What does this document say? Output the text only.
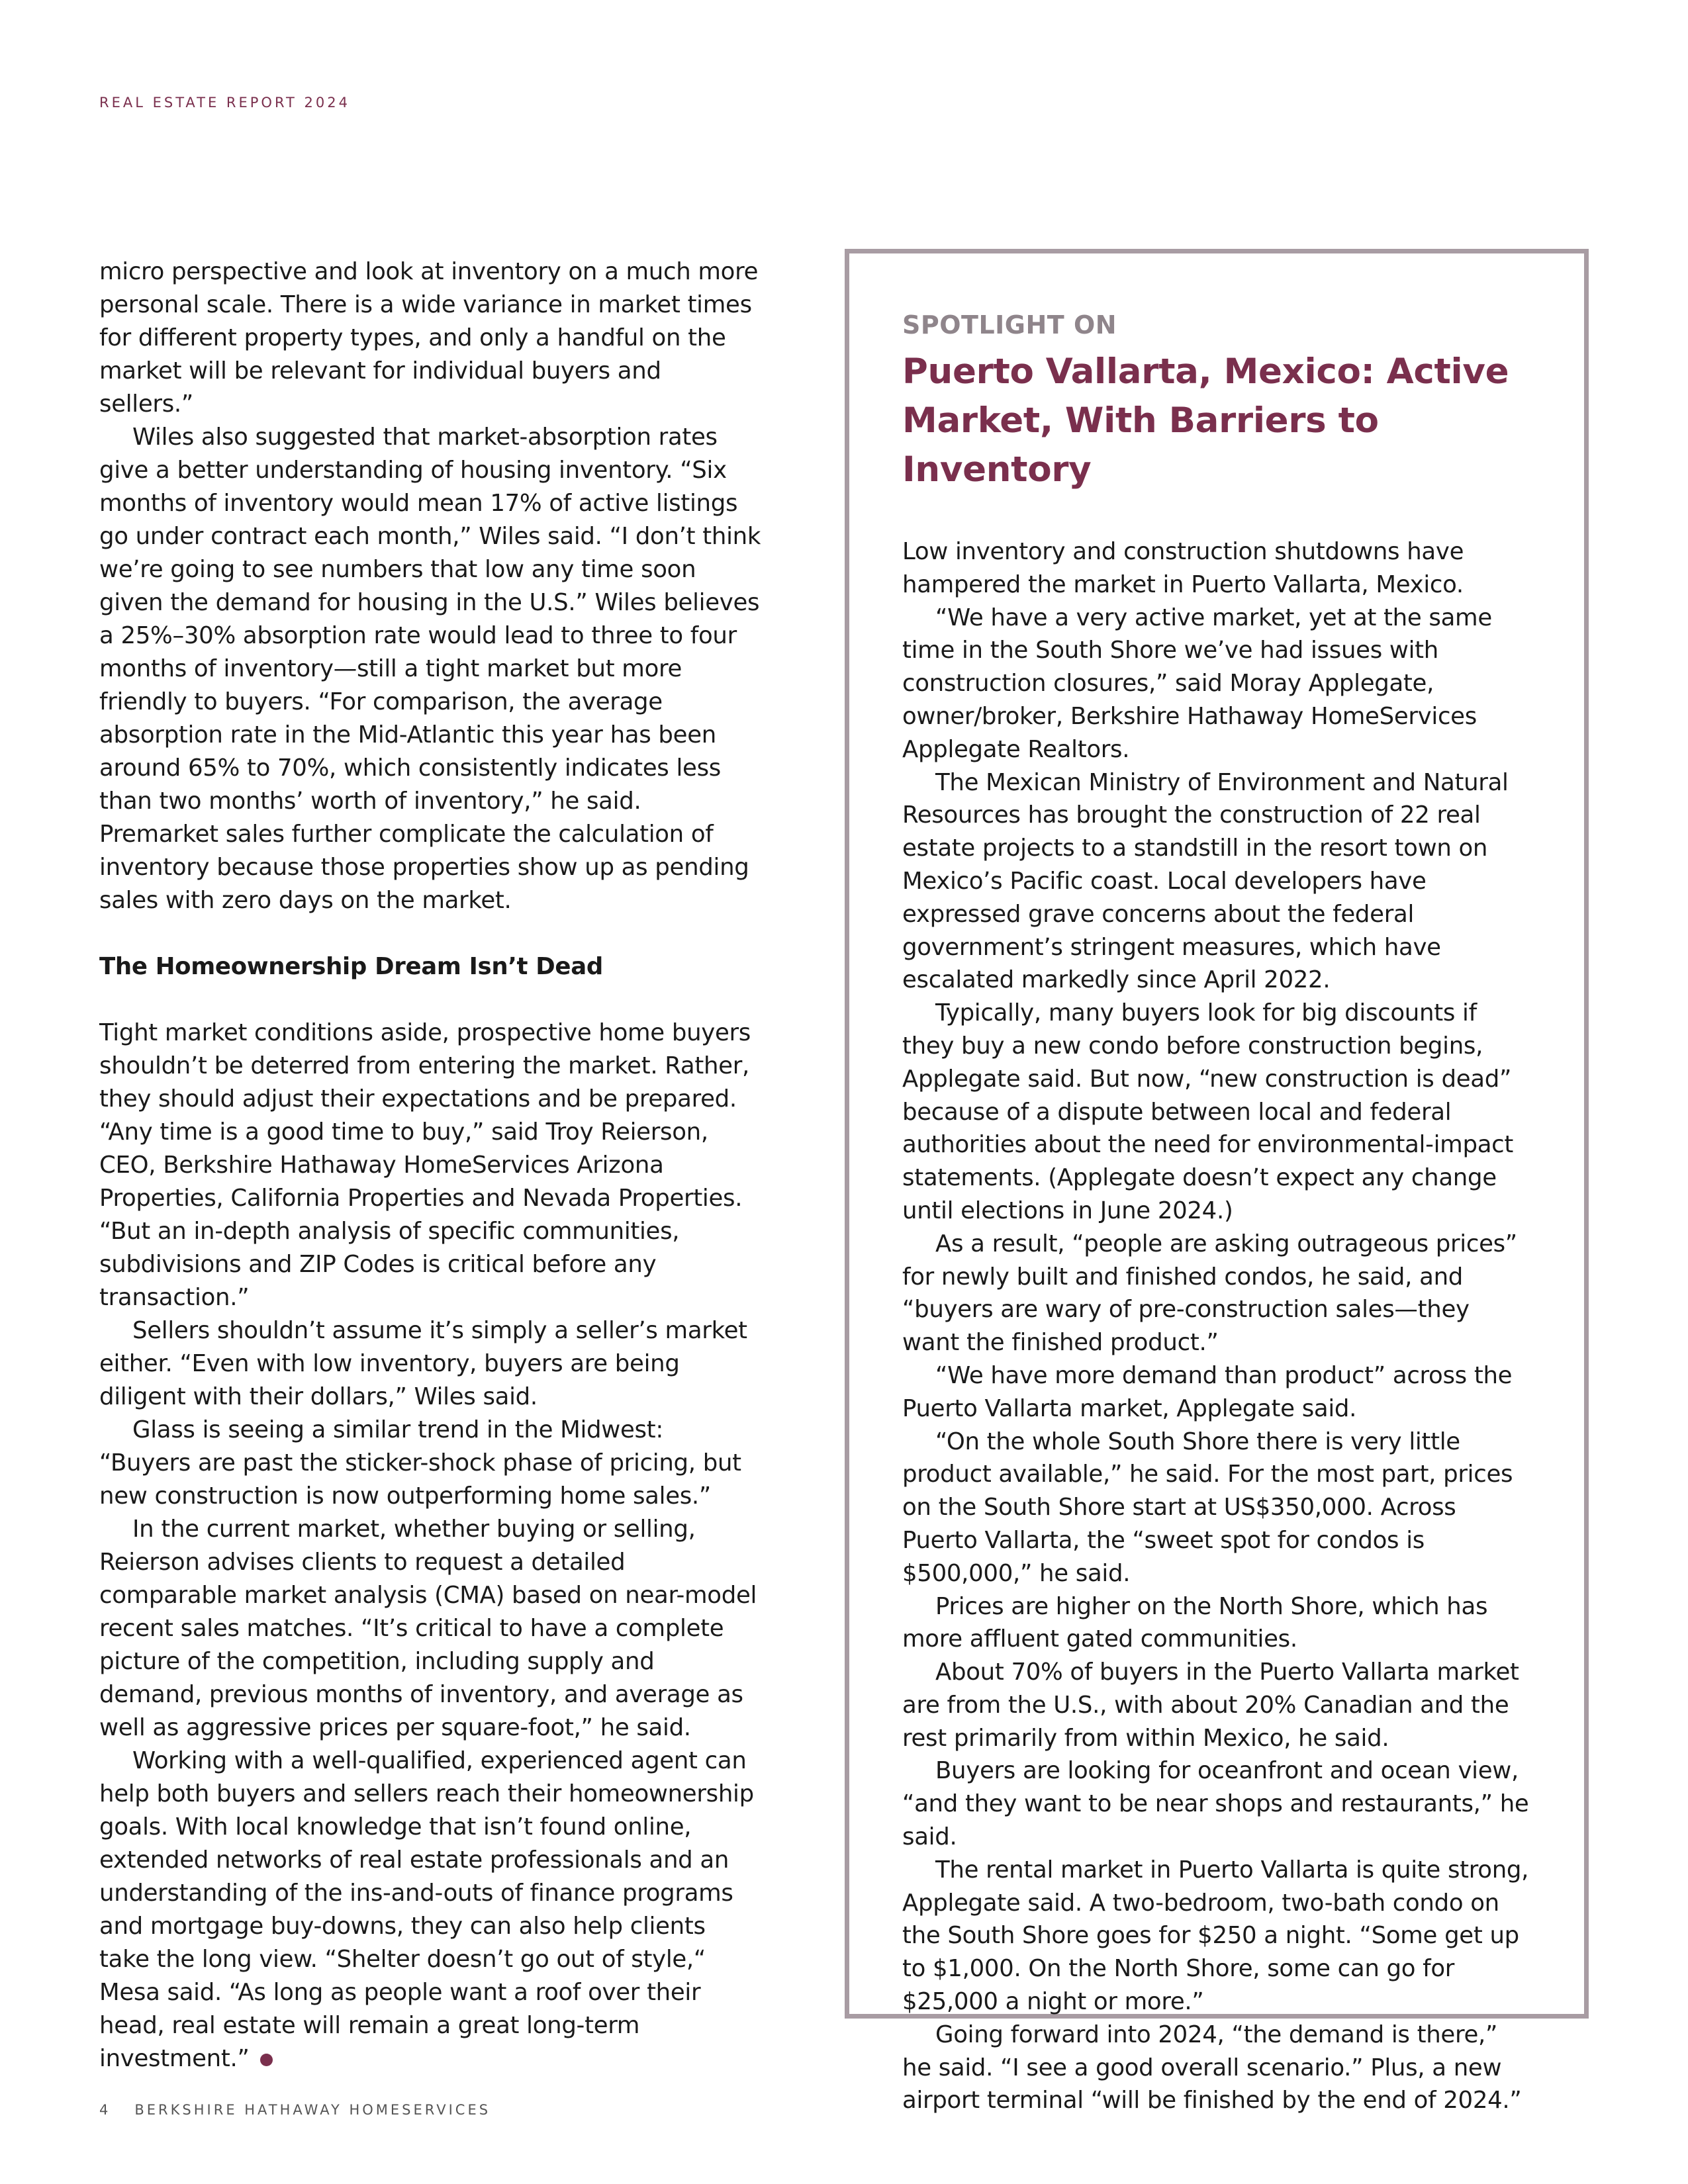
REAL ESTATE REPORT 2024

micro perspective and look at inventory on a much more personal scale. There is a wide variance in market times for different property types, and only a handful on the market will be relevant for individual buyers and sellers.”

Wiles also suggested that market-absorption rates give a better understanding of housing inventory. “Six months of inventory would mean 17% of active listings go under contract each month,” Wiles said. “I don’t think we’re going to see numbers that low any time soon given the demand for housing in the U.S.” Wiles believes a 25%–30% absorption rate would lead to three to four months of inventory—still a tight market but more friendly to buyers. “For comparison, the average absorption rate in the Mid-Atlantic this year has been around 65% to 70%, which consistently indicates less than two months’ worth of inventory,” he said. Premarket sales further complicate the calculation of inventory because those properties show up as pending sales with zero days on the market.

The Homeownership Dream Isn’t Dead

Tight market conditions aside, prospective home buyers shouldn’t be deterred from entering the market. Rather, they should adjust their expectations and be prepared. “Any time is a good time to buy,” said Troy Reierson, CEO, Berkshire Hathaway HomeServices Arizona Properties, California Properties and Nevada Properties. “But an in-depth analysis of specific communities, subdivisions and ZIP Codes is critical before any transaction.”

Sellers shouldn’t assume it’s simply a seller’s market either. “Even with low inventory, buyers are being diligent with their dollars,” Wiles said.

Glass is seeing a similar trend in the Midwest: “Buyers are past the sticker-shock phase of pricing, but new construction is now outperforming home sales.”

In the current market, whether buying or selling, Reierson advises clients to request a detailed comparable market analysis (CMA) based on near-model recent sales matches. “It’s critical to have a complete picture of the competition, including supply and demand, previous months of inventory, and average as well as aggressive prices per square-foot,” he said.

Working with a well-qualified, experienced agent can help both buyers and sellers reach their homeownership goals. With local knowledge that isn’t found online, extended networks of real estate professionals and an understanding of the ins-and-outs of finance programs and mortgage buy-downs, they can also help clients take the long view. “Shelter doesn’t go out of style,“ Mesa said. “As long as people want a roof over their head, real estate will remain a great long-term investment.”

SPOTLIGHT ON
Puerto Vallarta, Mexico: Active Market, With Barriers to Inventory

Low inventory and construction shutdowns have hampered the market in Puerto Vallarta, Mexico.

“We have a very active market, yet at the same time in the South Shore we’ve had issues with construction closures,” said Moray Applegate, owner/broker, Berkshire Hathaway HomeServices Applegate Realtors.

The Mexican Ministry of Environment and Natural Resources has brought the construction of 22 real estate projects to a standstill in the resort town on Mexico’s Pacific coast. Local developers have expressed grave concerns about the federal government’s stringent measures, which have escalated markedly since April 2022.

Typically, many buyers look for big discounts if they buy a new condo before construction begins, Applegate said. But now, “new construction is dead” because of a dispute between local and federal authorities about the need for environmental-impact statements. (Applegate doesn’t expect any change until elections in June 2024.)

As a result, “people are asking outrageous prices” for newly built and finished condos, he said, and “buyers are wary of pre-construction sales—they want the finished product.”

“We have more demand than product” across the Puerto Vallarta market, Applegate said.

“On the whole South Shore there is very little product available,” he said. For the most part, prices on the South Shore start at US$350,000. Across Puerto Vallarta, the “sweet spot for condos is $500,000,” he said.

Prices are higher on the North Shore, which has more affluent gated communities.

About 70% of buyers in the Puerto Vallarta market are from the U.S., with about 20% Canadian and the rest primarily from within Mexico, he said.

Buyers are looking for oceanfront and ocean view, “and they want to be near shops and restaurants,” he said.

The rental market in Puerto Vallarta is quite strong, Applegate said. A two-bedroom, two-bath condo on the South Shore goes for $250 a night. “Some get up to $1,000. On the North Shore, some can go for $25,000 a night or more.”

Going forward into 2024, “the demand is there,” he said. “I see a good overall scenario.” Plus, a new airport terminal “will be finished by the end of 2024.”

4 BERKSHIRE HATHAWAY HOMESERVICES
